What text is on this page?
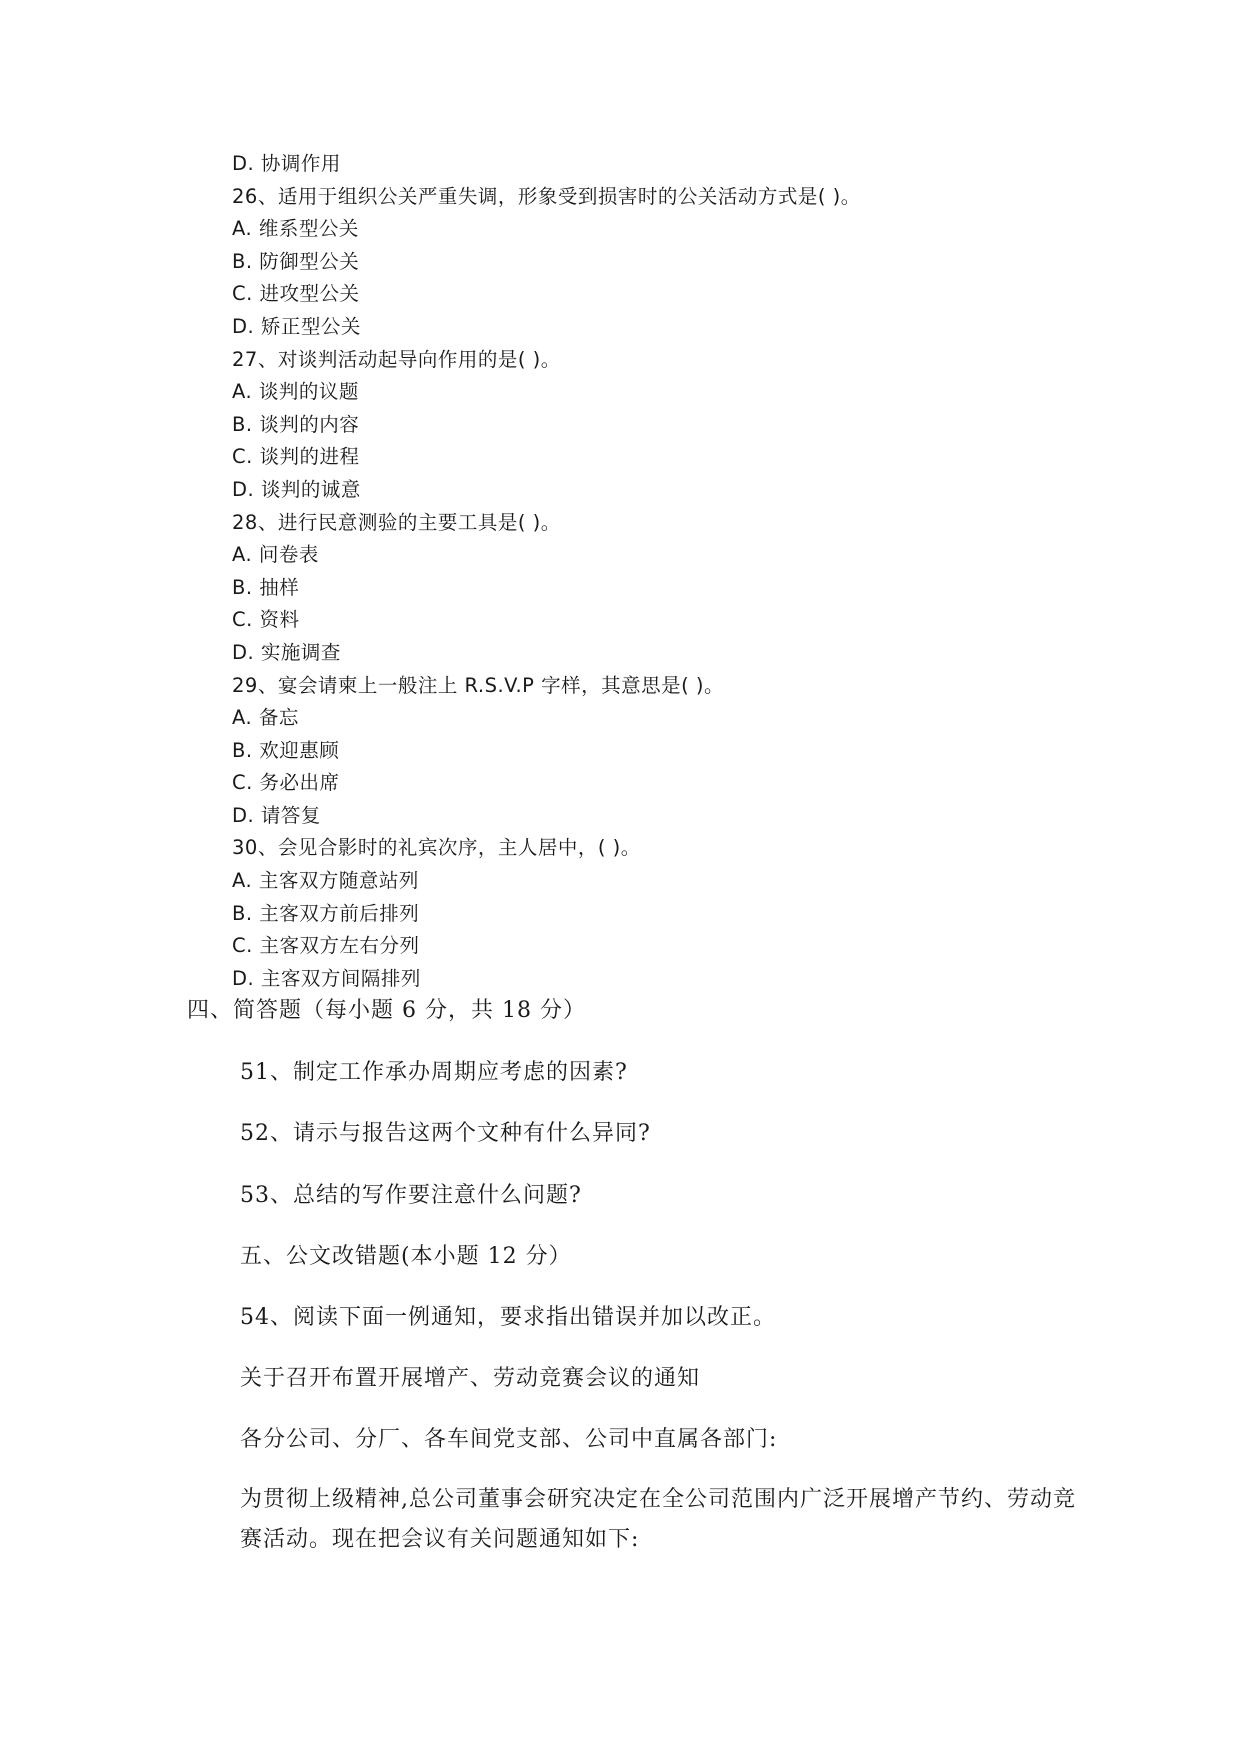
D. 协调作用
26、适用于组织公关严重失调，形象受到损害时的公关活动方式是( )。
A. 维系型公关
B. 防御型公关
C. 进攻型公关
D. 矫正型公关
27、对谈判活动起导向作用的是( )。
A. 谈判的议题
B. 谈判的内容
C. 谈判的进程
D. 谈判的诚意
28、进行民意测验的主要工具是( )。
A. 问卷表
B. 抽样
C. 资料
D. 实施调查
29、宴会请柬上一般注上 R.S.V.P 字样，其意思是( )。
A. 备忘
B. 欢迎惠顾
C. 务必出席
D. 请答复
30、会见合影时的礼宾次序，主人居中，( )。
A. 主客双方随意站列
B. 主客双方前后排列
C. 主客双方左右分列
D. 主客双方间隔排列
四、简答题（每小题 6 分，共 18 分）
51、制定工作承办周期应考虑的因素?
52、请示与报告这两个文种有什么异同?
53、总结的写作要注意什么问题?
五、公文改错题(本小题 12 分）
54、阅读下面一例通知，要求指出错误并加以改正。
关于召开布置开展增产、劳动竞赛会议的通知
各分公司、分厂、各车间党支部、公司中直属各部门:
为贯彻上级精神,总公司董事会研究决定在全公司范围内广泛开展增产节约、劳动竞赛活动。现在把会议有关问题通知如下:
